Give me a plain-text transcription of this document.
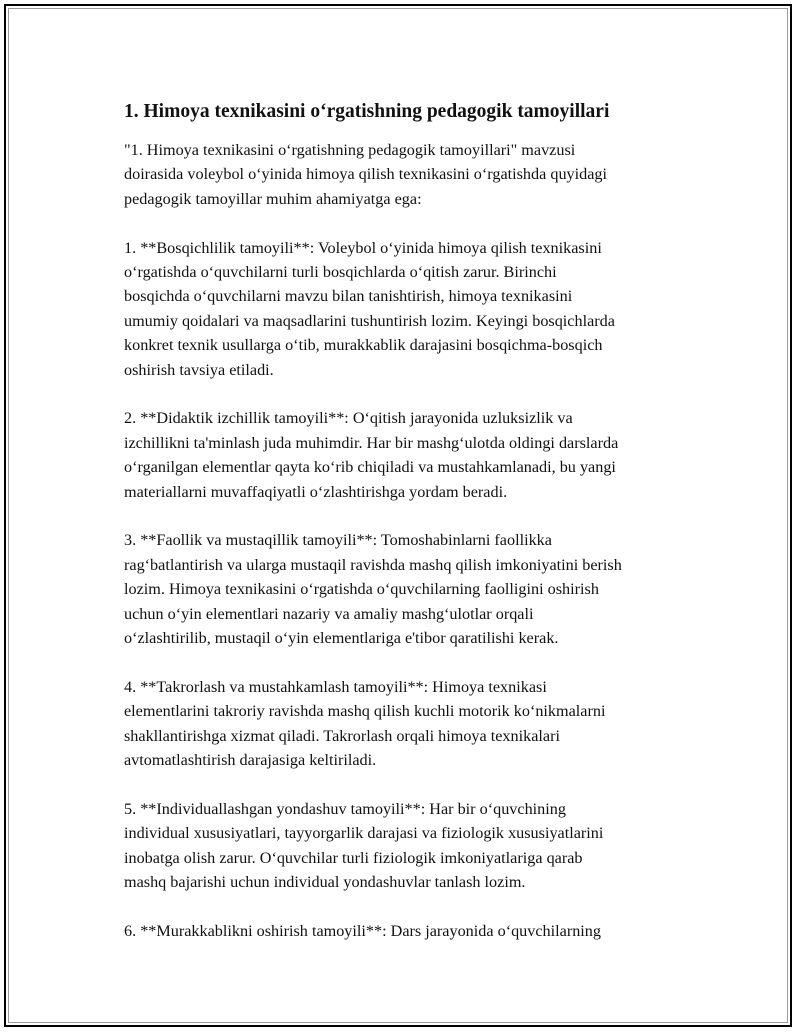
1. Himoya texnikasini o‘rgatishning pedagogik tamoyillari

"1. Himoya texnikasini o‘rgatishning pedagogik tamoyillari" mavzusi
doirasida voleybol o‘yinida himoya qilish texnikasini o‘rgatishda quyidagi
pedagogik tamoyillar muhim ahamiyatga ega:

1. **Bosqichlilik tamoyili**: Voleybol o‘yinida himoya qilish texnikasini
o‘rgatishda o‘quvchilarni turli bosqichlarda o‘qitish zarur. Birinchi
bosqichda o‘quvchilarni mavzu bilan tanishtirish, himoya texnikasini
umumiy qoidalari va maqsadlarini tushuntirish lozim. Keyingi bosqichlarda
konkret texnik usullarga o‘tib, murakkablik darajasini bosqichma-bosqich
oshirish tavsiya etiladi.

2. **Didaktik izchillik tamoyili**: O‘qitish jarayonida uzluksizlik va
izchillikni ta'minlash juda muhimdir. Har bir mashg‘ulotda oldingi darslarda
o‘rganilgan elementlar qayta ko‘rib chiqiladi va mustahkamlanadi, bu yangi
materiallarni muvaffaqiyatli o‘zlashtirishga yordam beradi.

3. **Faollik va mustaqillik tamoyili**: Tomoshabinlarni faollikka
rag‘batlantirish va ularga mustaqil ravishda mashq qilish imkoniyatini berish
lozim. Himoya texnikasini o‘rgatishda o‘quvchilarning faolligini oshirish
uchun o‘yin elementlari nazariy va amaliy mashg‘ulotlar orqali
o‘zlashtirilib, mustaqil o‘yin elementlariga e'tibor qaratilishi kerak.

4. **Takrorlash va mustahkamlash tamoyili**: Himoya texnikasi
elementlarini takroriy ravishda mashq qilish kuchli motorik ko‘nikmalarni
shakllantirishga xizmat qiladi. Takrorlash orqali himoya texnikalari
avtomatlashtirish darajasiga keltiriladi.

5. **Individuallashgan yondashuv tamoyili**: Har bir o‘quvchining
individual xususiyatlari, tayyorgarlik darajasi va fiziologik xususiyatlarini
inobatga olish zarur. O‘quvchilar turli fiziologik imkoniyatlariga qarab
mashq bajarishi uchun individual yondashuvlar tanlash lozim.

6. **Murakkablikni oshirish tamoyili**: Dars jarayonida o‘quvchilarning
